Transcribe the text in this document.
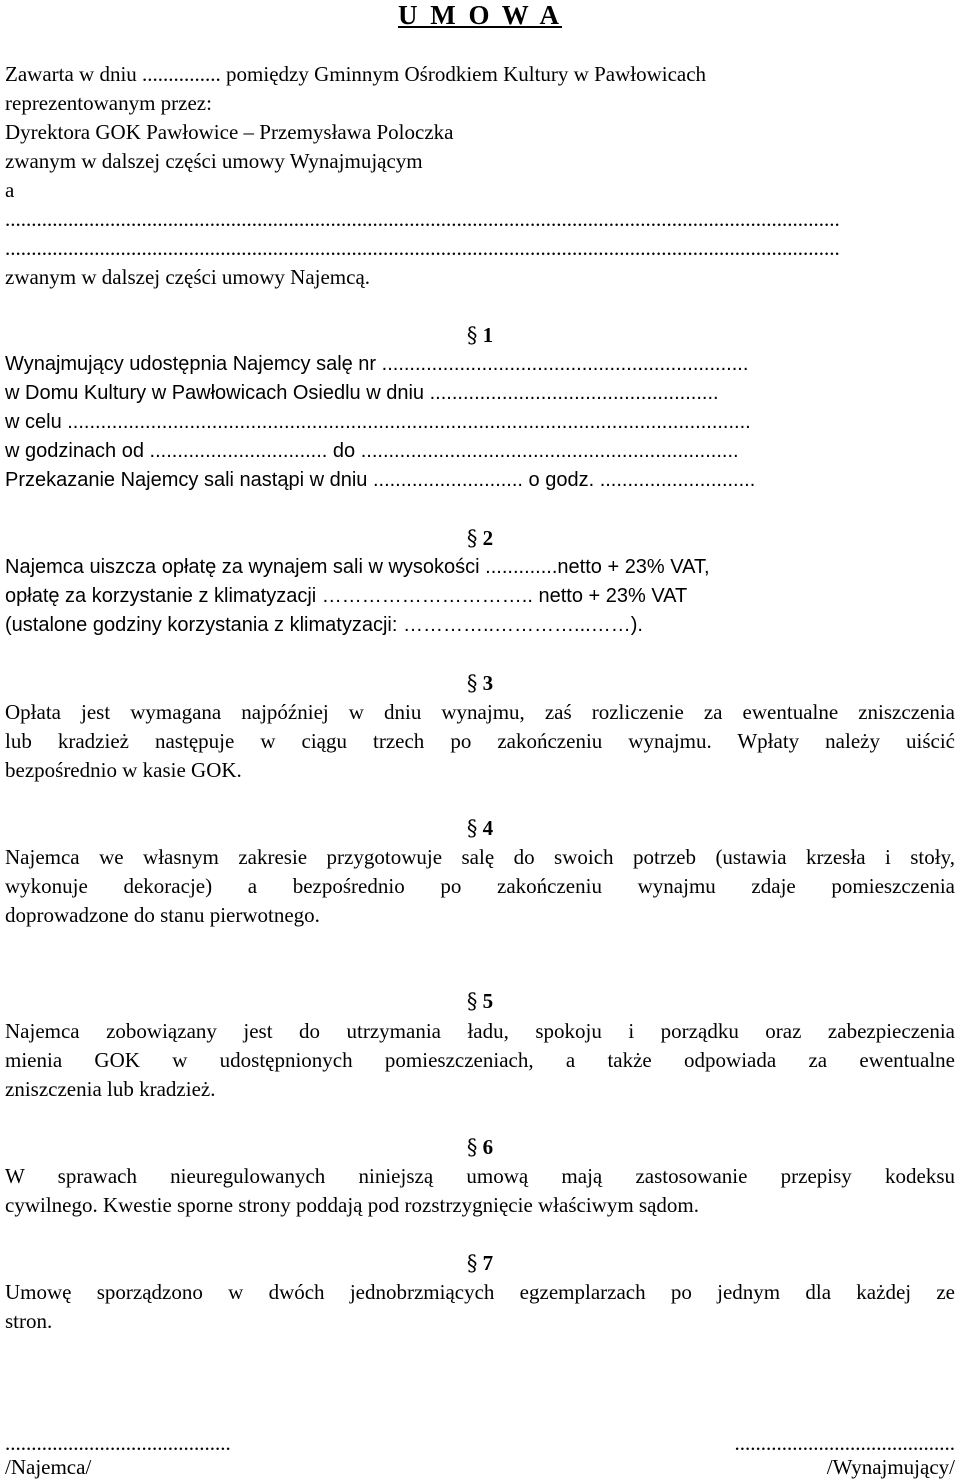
U M O W A
Zawarta w dniu ............... pomiędzy Gminnym Ośrodkiem Kultury w Pawłowicach
reprezentowanym przez:
Dyrektora GOK Pawłowice – Przemysława Poloczka
zwanym w dalszej części umowy Wynajmującym
a
...............................................................................................................................................................
...............................................................................................................................................................
zwanym w dalszej części umowy Najemcą.
§ 1
Wynajmujący udostępnia Najemcy salę nr ..................................................................
w Domu Kultury w Pawłowicach Osiedlu w dniu ....................................................
w celu ...........................................................................................................................
w godzinach od ................................ do ....................................................................
Przekazanie Najemcy sali nastąpi w dniu ........................... o godz. ............................
§ 2
Najemca uiszcza opłatę za wynajem sali w wysokości .............netto + 23% VAT,
opłatę za korzystanie z klimatyzacji ………………………….. netto + 23% VAT
(ustalone godziny korzystania z klimatyzacji: …………..…………...……).
§ 3
Opłata jest wymagana najpóźniej w dniu wynajmu, zaś rozliczenie za ewentualne zniszczenia
lub kradzież następuje w ciągu trzech po zakończeniu wynajmu. Wpłaty należy uiścić
bezpośrednio w kasie GOK.
§ 4
Najemca we własnym zakresie przygotowuje salę do swoich potrzeb (ustawia krzesła i stoły,
wykonuje dekoracje) a bezpośrednio po zakończeniu wynajmu zdaje pomieszczenia
doprowadzone do stanu pierwotnego.
§ 5
Najemca zobowiązany jest do utrzymania ładu, spokoju i porządku oraz zabezpieczenia
mienia GOK w udostępnionych pomieszczeniach, a także odpowiada za ewentualne
zniszczenia lub kradzież.
§ 6
W sprawach nieuregulowanych niniejszą umową mają zastosowanie przepisy kodeksu
cywilnego. Kwestie sporne strony poddają pod rozstrzygnięcie właściwym sądom.
§ 7
Umowę sporządzono w dwóch jednobrzmiących egzemplarzach po jednym dla każdej ze
stron.
...........................................
/Najemca/
..........................................
/Wynajmujący/
